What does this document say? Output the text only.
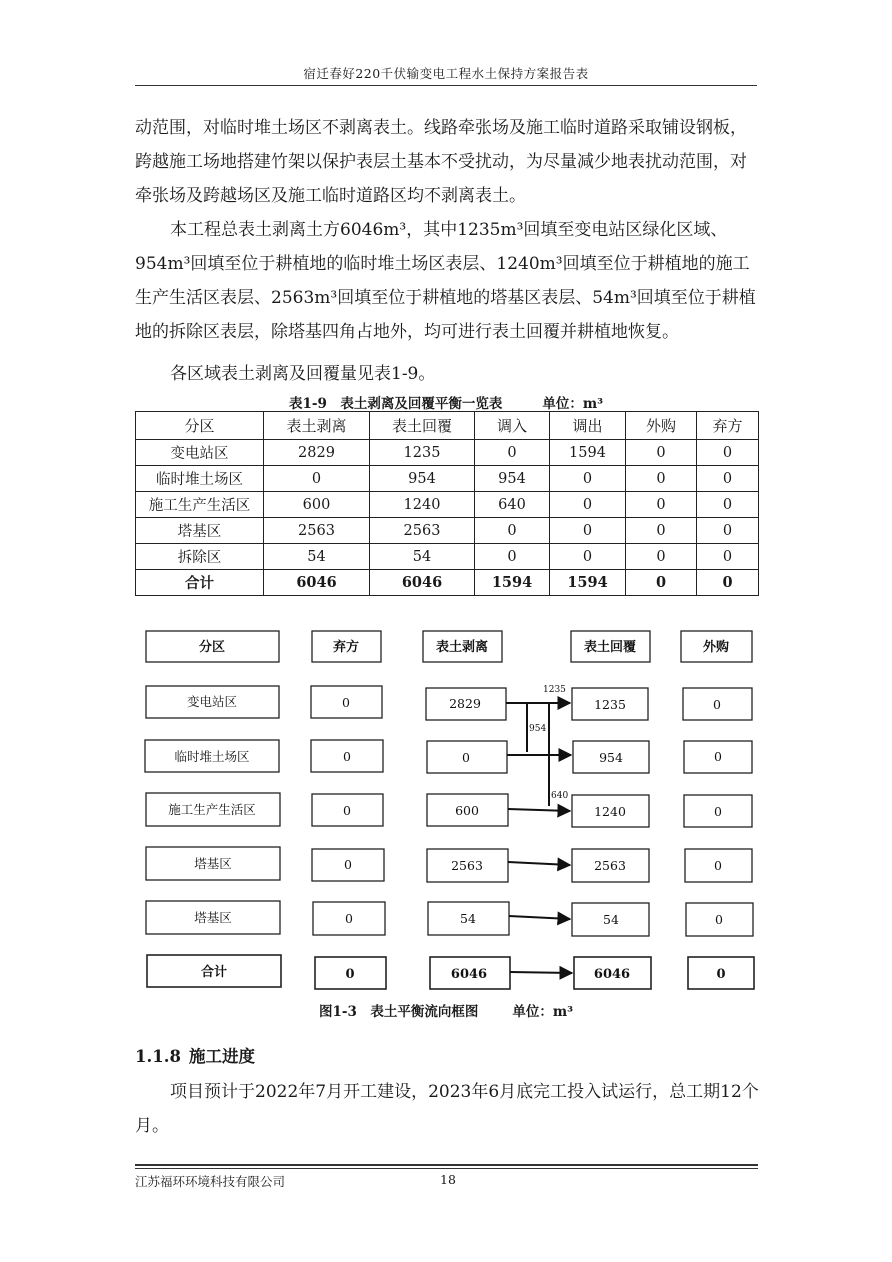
宿迁春好220千伏输变电工程水土保持方案报告表

动范围，对临时堆土场区不剥离表土。线路牵张场及施工临时道路采取铺设钢板，跨越施工场地搭建竹架以保护表层土基本不受扰动，为尽量减少地表扰动范围，对牵张场及跨越场区及施工临时道路区均不剥离表土。

本工程总表土剥离土方6046m³，其中1235m³回填至变电站区绿化区域、954m³回填至位于耕植地的临时堆土场区表层、1240m³回填至位于耕植地的施工生产生活区表层、2563m³回填至位于耕植地的塔基区表层、54m³回填至位于耕植地的拆除区表层，除塔基四角占地外，均可进行表土回覆并耕植地恢复。

各区域表土剥离及回覆量见表1-9。

表1-9　表土剥离及回覆平衡一览表	单位：m³
分区	表土剥离	表土回覆	调入	调出	外购	弃方
变电站区	2829	1235	0	1594	0	0
临时堆土场区	0	954	954	0	0	0
施工生产生活区	600	1240	640	0	0	0
塔基区	2563	2563	0	0	0	0
拆除区	54	54	0	0	0	0
合计	6046	6046	1594	1594	0	0
分区	弃方	表土剥离	表土回覆	外购
变电站区	0	2829	1235	0
临时堆土场区	0	0	954	0
施工生产生活区	0	600	1240	0
塔基区	0	2563	2563	0
塔基区	0	54	54	0
合计	0	6046	6046	0
1235
954
640
图1-3　表土平衡流向框图	单位：m³
1.1.8 施工进度

项目预计于2022年7月开工建设，2023年6月底完工投入试运行，总工期12个月。

江苏福环环境科技有限公司	18
